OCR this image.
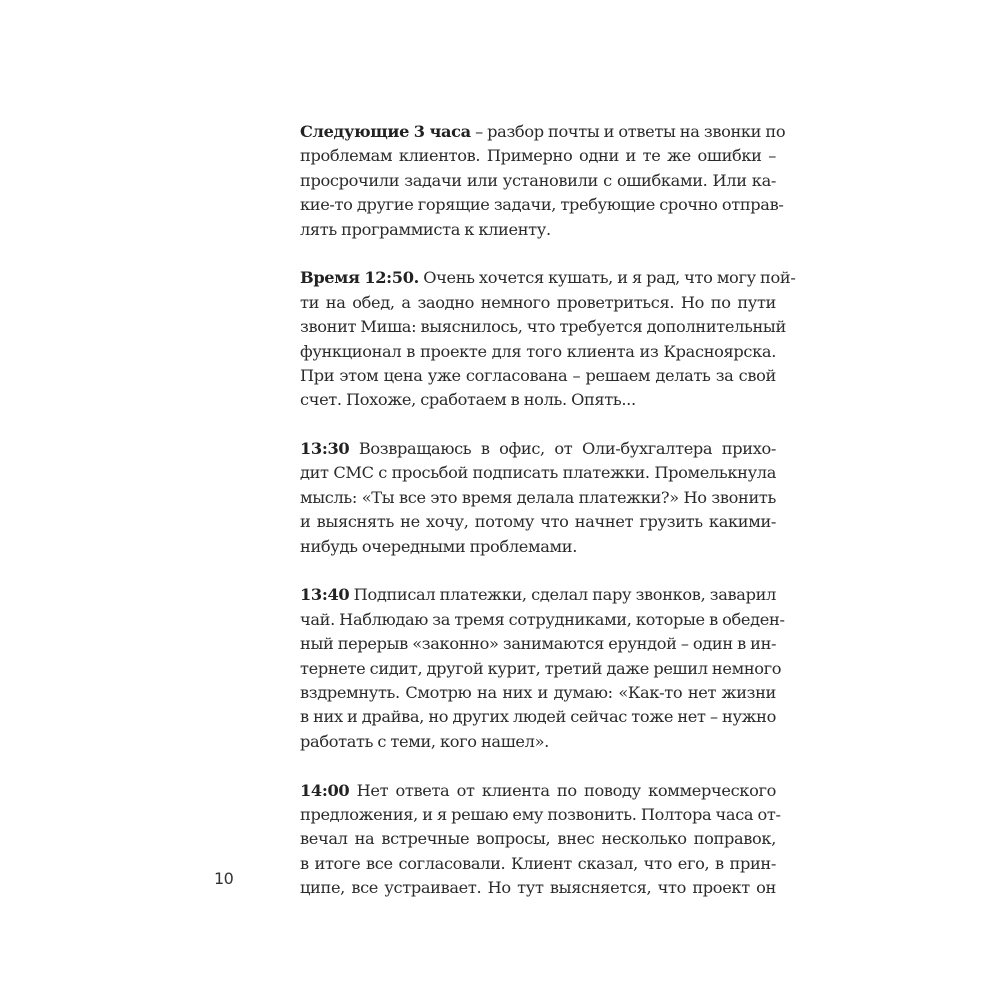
Следующие 3 часа – разбор почты и ответы на звонки по
проблемам клиентов. Примерно одни и те же ошибки –
просрочили задачи или установили с ошибками. Или ка-
кие-то другие горящие задачи, требующие срочно отправ-
лять программиста к клиенту.

Время 12:50. Очень хочется кушать, и я рад, что могу пой-
ти на обед, а заодно немного проветриться. Но по пути
звонит Миша: выяснилось, что требуется дополнительный
функционал в проекте для того клиента из Красноярска.
При этом цена уже согласована – решаем делать за свой
счет. Похоже, сработаем в ноль. Опять...

13:30 Возвращаюсь в офис, от Оли-бухгалтера прихо-
дит СМС с просьбой подписать платежки. Промелькнула
мысль: «Ты все это время делала платежки?» Но звонить
и выяснять не хочу, потому что начнет грузить какими-
нибудь очередными проблемами.

13:40 Подписал платежки, сделал пару звонков, заварил
чай. Наблюдаю за тремя сотрудниками, которые в обеден-
ный перерыв «законно» занимаются ерундой – один в ин-
тернете сидит, другой курит, третий даже решил немного
вздремнуть. Смотрю на них и думаю: «Как-то нет жизни
в них и драйва, но других людей сейчас тоже нет – нужно
работать с теми, кого нашел».

14:00 Нет ответа от клиента по поводу коммерческого
предложения, и я решаю ему позвонить. Полтора часа от-
вечал на встречные вопросы, внес несколько поправок,
в итоге все согласовали. Клиент сказал, что его, в прин-
ципе, все устраивает. Но тут выясняется, что проект он

10
